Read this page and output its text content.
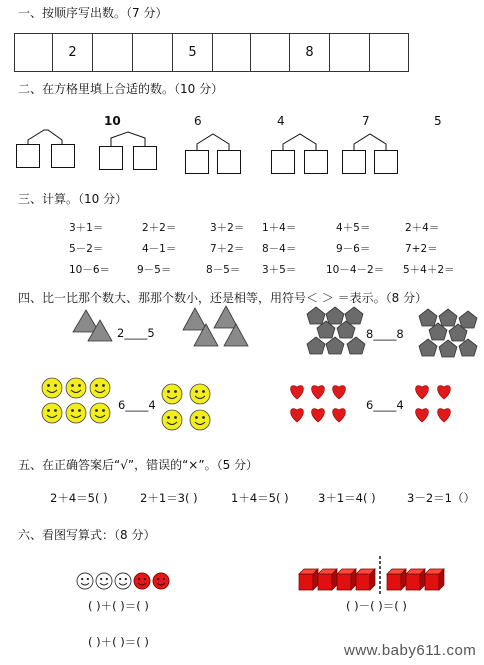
一、按顺序写出数。（7 分）
2	5	8
二、在方格里填上合适的数。（10 分）
10	6	4	7	5
三、计算。（10 分）
3＋1＝	2＋2＝	3＋2＝ 1＋4＝	4＋5＝	2＋4＝
5－2＝	4－1＝	7＋2＝ 8－4＝	9－6＝	7+2＝
10－6＝	9－5＝	8－5＝ 3＋5＝	10－4－2＝ 5＋4＋2＝
四、比一比那个数大、那那个数小，还是相等，用符号＜ ＞ ＝表示。（8 分）
2____5	8____8
6____4	6____4
五、在正确答案后“√”，错误的“×”。（5 分）
2＋4＝5( )	2＋1＝3( )	1＋4＝5( )	3＋1＝4( )	3－2＝1（）
六、看图写算式：（8 分）
( )＋( )＝( )
( )＋( )＝( )
( )－( )＝( )
www.baby611.com
